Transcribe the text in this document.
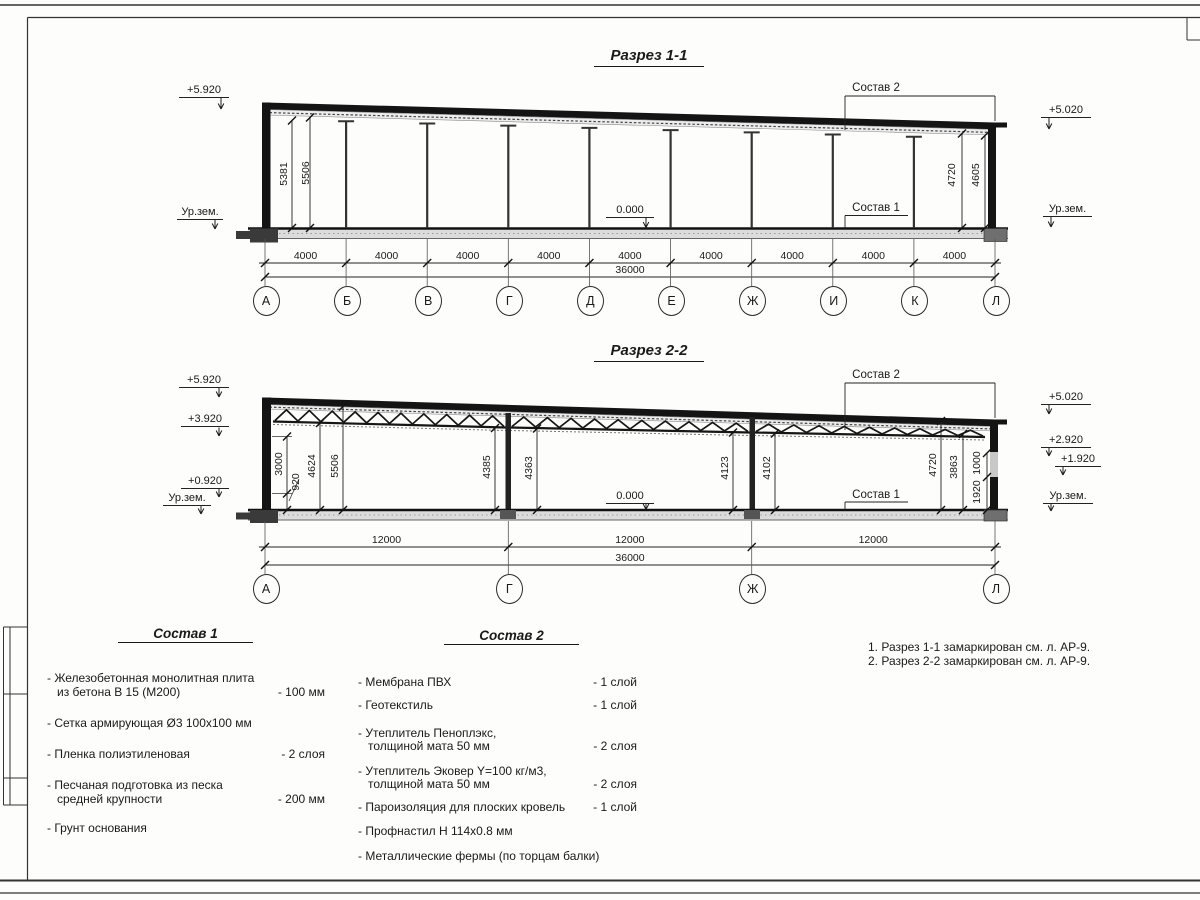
Разрез 1-1
+5.920
Ур.зем.
+5.020
Ур.зем.
0.000
Состав 2
Состав 1
5381 5506	4720 4605
4000	4000	4000	4000	4000	4000	4000	4000	4000
36000
А	Б	В	Г	Д	Е	Ж	И	К	Л
Разрез 2-2
+5.920
+3.920
+0.920
Ур.зем.
+5.020
+2.920
+1.920
Ур.зем.
0.000
Состав 2
Состав 1
3000
920
4624 5506	4385	4363	4123	4102	4720 3863 1000
1920
12000	12000	12000
36000
А	Г	Ж	Л
Состав 1
- Железобетонная монолитная плита
из бетона В 15 (М200)	- 100 мм
- Сетка армирующая Ø3 100x100 мм
- Пленка полиэтиленовая	- 2 слоя
- Песчаная подготовка из песка
средней крупности	- 200 мм
- Грунт основания
Состав 2
- Мембрана ПВХ	- 1 слой
- Геотекстиль	- 1 слой
- Утеплитель Пеноплэкс,
толщиной мата 50 мм	- 2 слоя
- Утеплитель Эковер Y=100 кг/м3,
толщиной мата 50 мм	- 2 слоя
- Пароизоляция для плоских кровель	- 1 слой
- Профнастил Н 114x0.8 мм
- Металлические фермы (по торцам балки)
1. Разрез 1-1 замаркирован см. л. АР-9.
2. Разрез 2-2 замаркирован см. л. АР-9.
